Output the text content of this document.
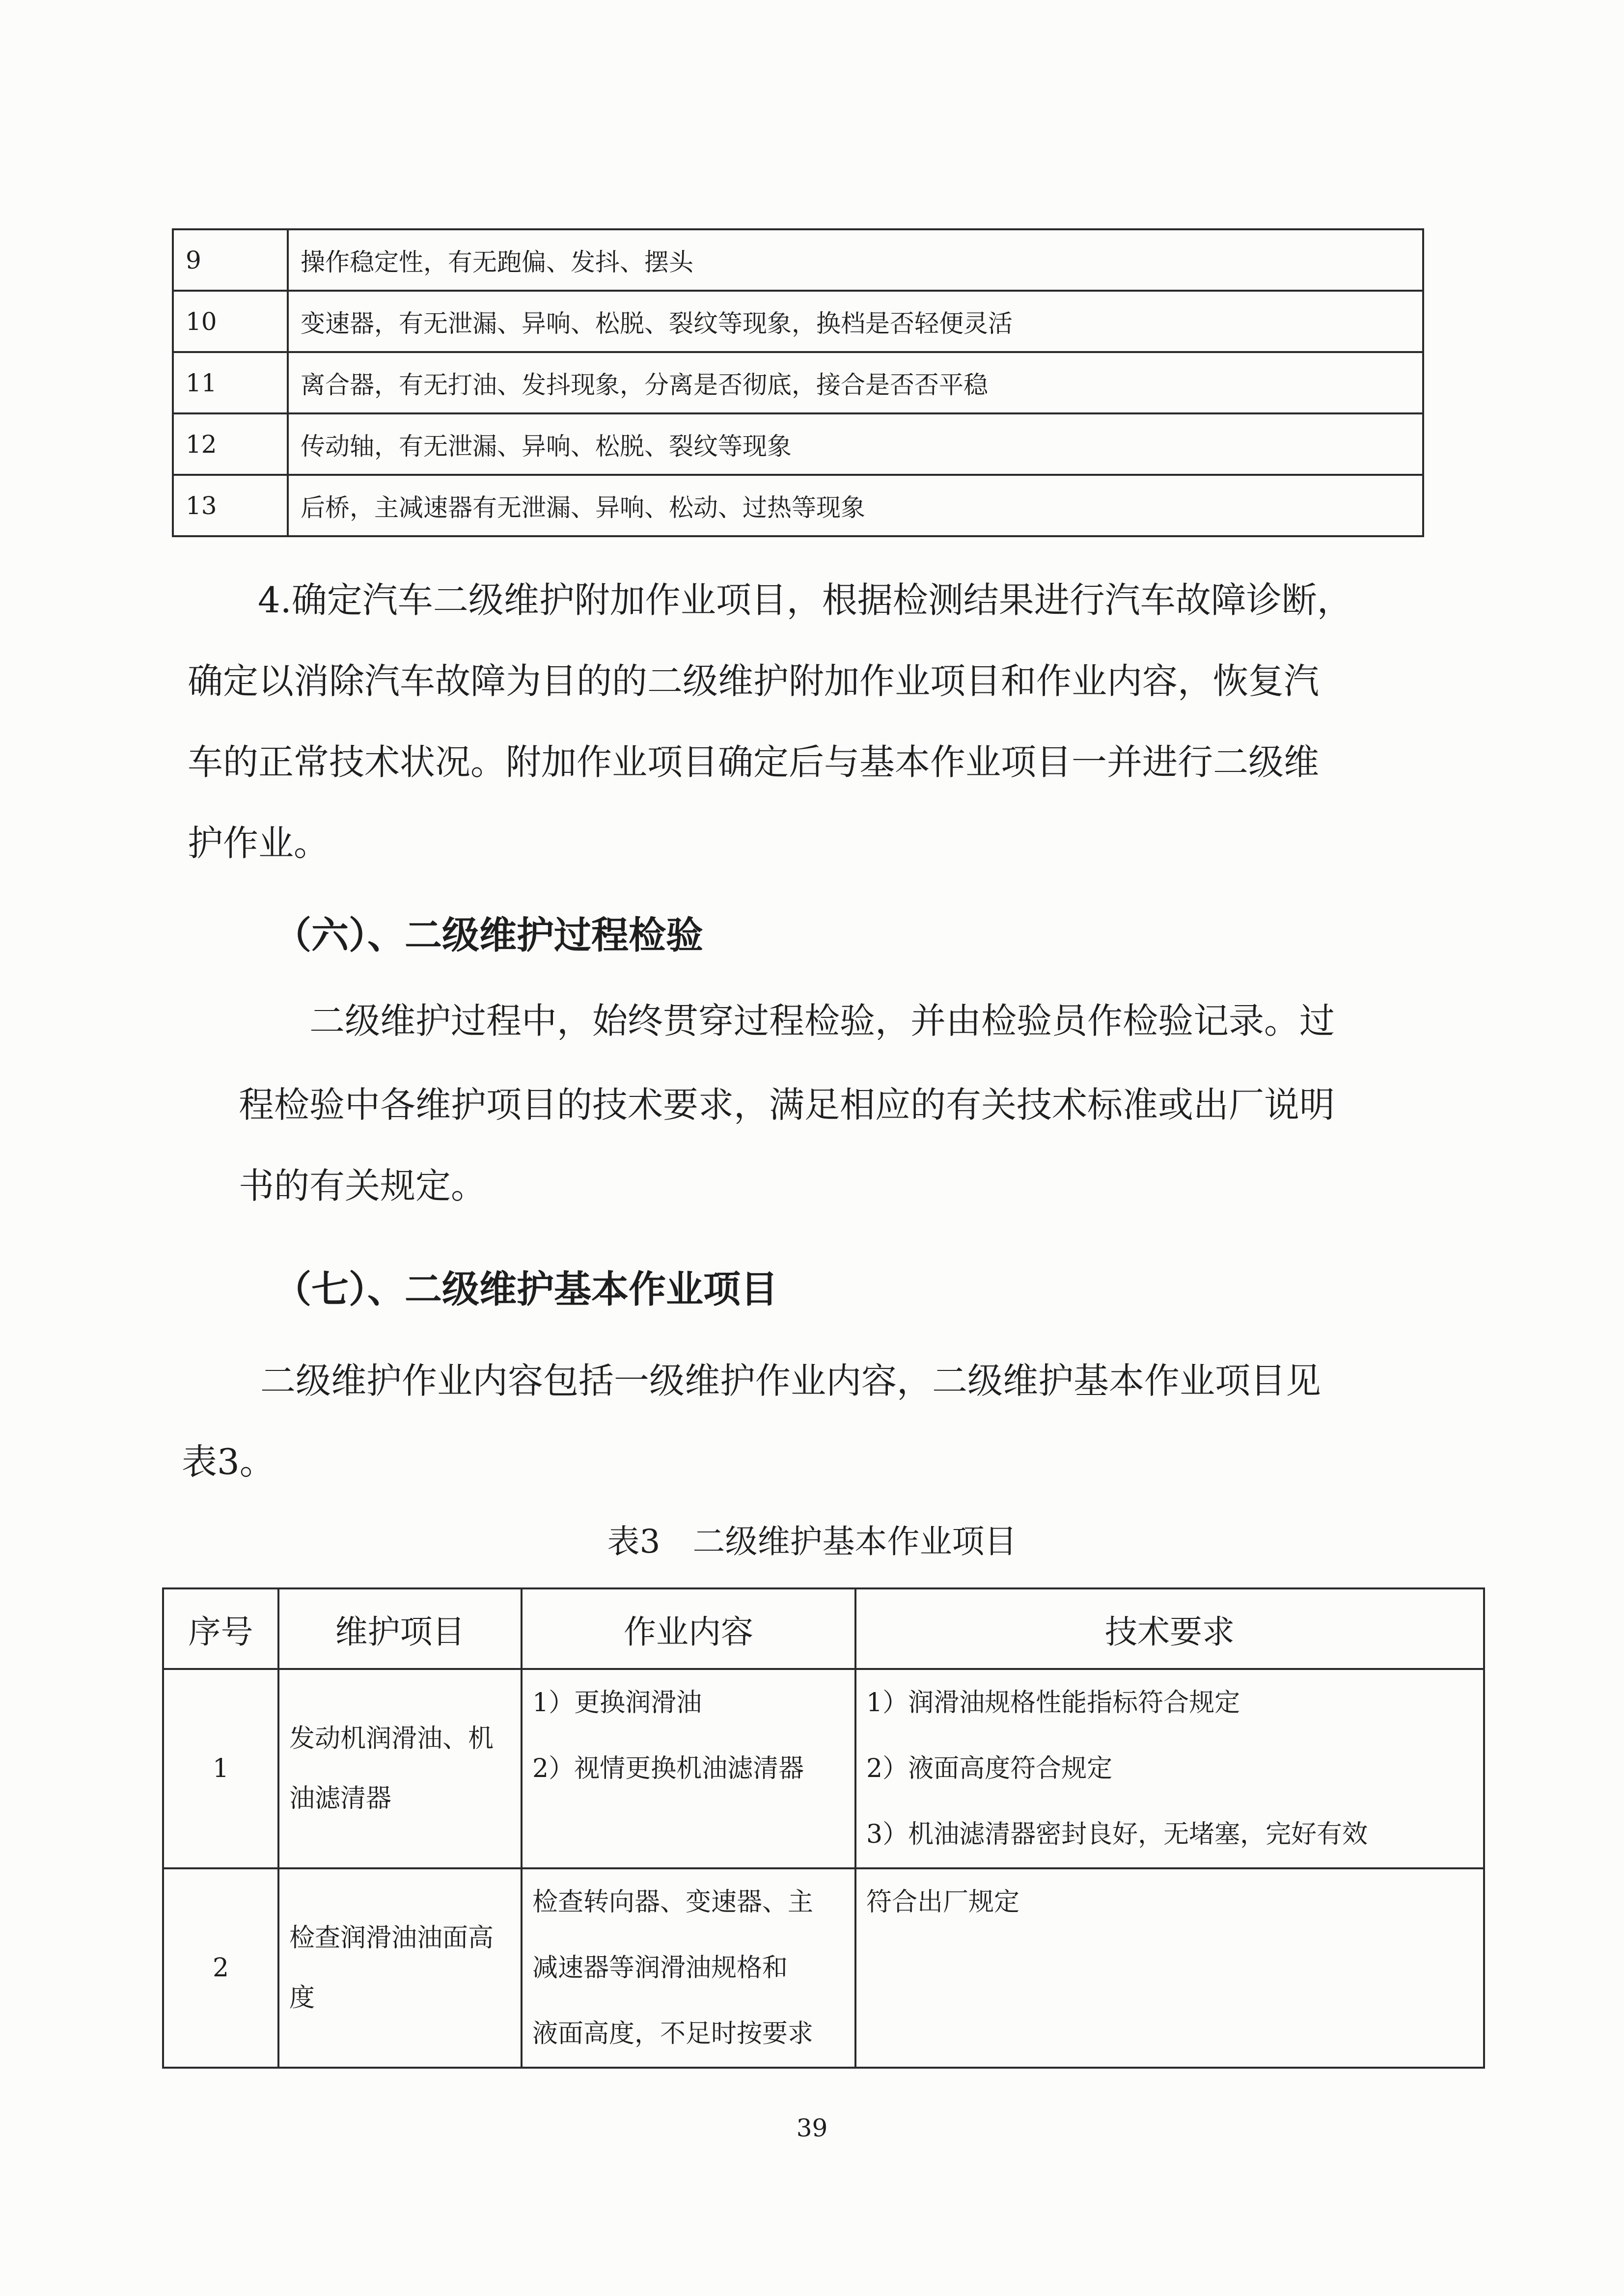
9	操作稳定性，有无跑偏、发抖、摆头
10	变速器，有无泄漏、异响、松脱、裂纹等现象，换档是否轻便灵活
11	离合器，有无打油、发抖现象，分离是否彻底，接合是否否平稳
12	传动轴，有无泄漏、异响、松脱、裂纹等现象
13	后桥，主减速器有无泄漏、异响、松动、过热等现象

4.确定汽车二级维护附加作业项目，根据检测结果进行汽车故障诊断，

确定以消除汽车故障为目的的二级维护附加作业项目和作业内容，恢复汽

车的正常技术状况。附加作业项目确定后与基本作业项目一并进行二级维

护作业。

（六）、二级维护过程检验

二级维护过程中，始终贯穿过程检验，并由检验员作检验记录。过

程检验中各维护项目的技术要求，满足相应的有关技术标准或出厂说明

书的有关规定。

（七）、二级维护基本作业项目

二级维护作业内容包括一级维护作业内容，二级维护基本作业项目见

表3。

表3　二级维护基本作业项目
序号	维护项目	作业内容	技术要求
1	发动机润滑油、机油滤清器	1）更换润滑油
2）视情更换机油滤清器	1）润滑油规格性能指标符合规定
2）液面高度符合规定
3）机油滤清器密封良好，无堵塞，完好有效

2	检查润滑油油面高度	检查转向器、变速器、主
减速器等润滑油规格和
液面高度，不足时按要求	符合出厂规定
39
